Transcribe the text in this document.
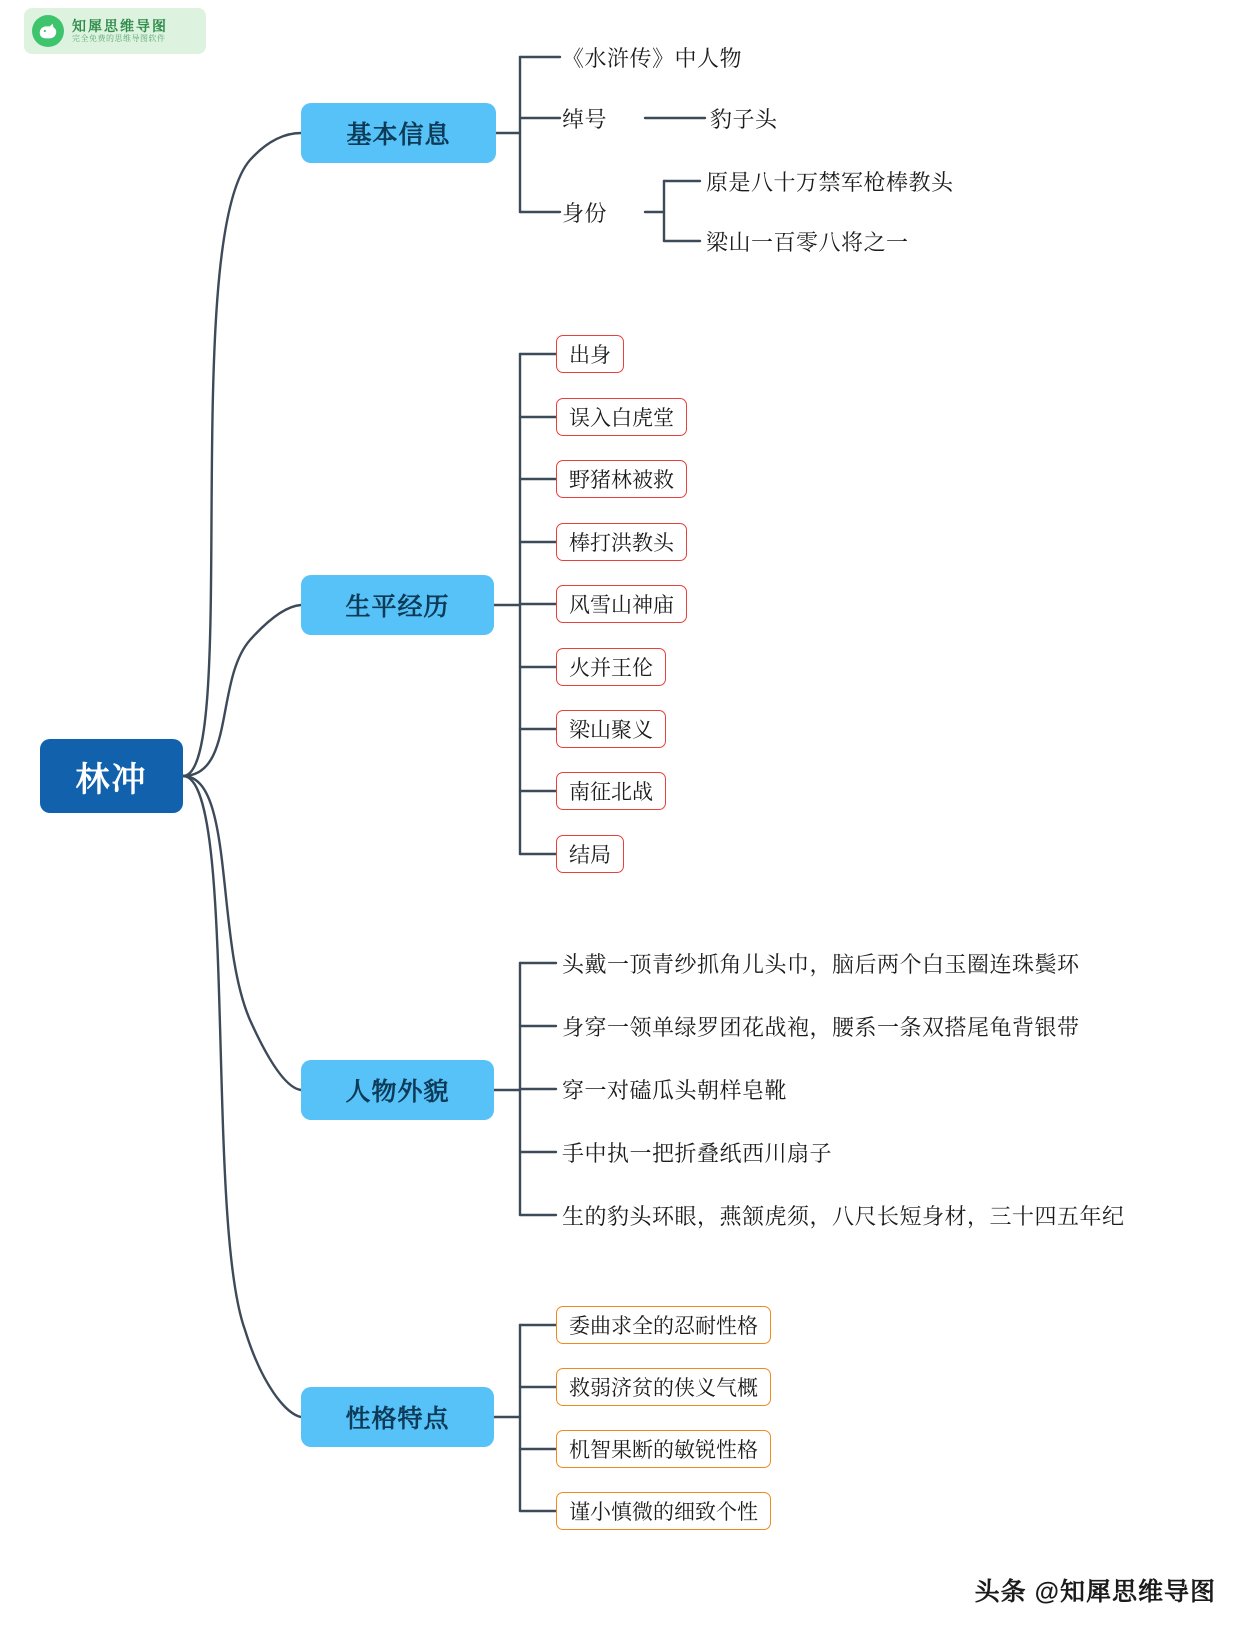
知犀思维导图
完全免费的思维导图软件
林冲
基本信息
《水浒传》中人物
绰号	豹子头
身份
原是八十万禁军枪棒教头
梁山一百零八将之一
生平经历
出身
误入白虎堂
野猪林被救
棒打洪教头
风雪山神庙
火并王伦
梁山聚义
南征北战
结局
人物外貌
头戴一顶青纱抓角儿头巾，脑后两个白玉圈连珠鬓环
身穿一领单绿罗团花战袍，腰系一条双搭尾龟背银带
穿一对磕瓜头朝样皂靴
手中执一把折叠纸西川扇子
生的豹头环眼，燕颔虎须，八尺长短身材，三十四五年纪
性格特点
委曲求全的忍耐性格
救弱济贫的侠义气概
机智果断的敏锐性格
谨小慎微的细致个性
头条 @知犀思维导图
